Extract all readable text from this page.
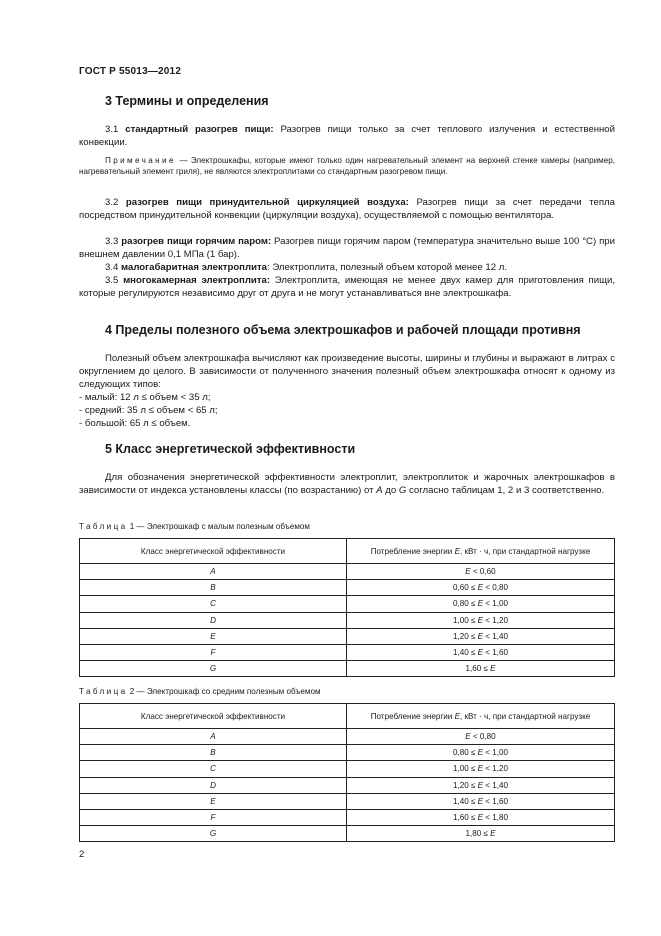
ГОСТ Р 55013—2012
3 Термины и определения

3.1 стандартный разогрев пищи: Разогрев пищи только за счет теплового излучения и естественной конвекции.

Примечание — Электрошкафы, которые имеют только один нагревательный элемент на верхней стенке камеры (например, нагревательный элемент гриля), не являются электроплитами со стандартным разогревом пищи.

3.2 разогрев пищи принудительной циркуляцией воздуха: Разогрев пищи за счет передачи тепла посредством принудительной конвекции (циркуляции воздуха), осуществляемой с помощью вентилятора.

3.3 разогрев пищи горячим паром: Разогрев пищи горячим паром (температура значительно выше 100 °С) при внешнем давлении 0,1 МПа (1 бар).

3.4 малогабаритная электроплита: Электроплита, полезный объем которой менее 12 л.

3.5 многокамерная электроплита: Электроплита, имеющая не менее двух камер для приготовления пищи, которые регулируются независимо друг от друга и не могут устанавливаться вне электрошкафа.

4 Пределы полезного объема электрошкафов и рабочей площади противня

Полезный объем электрошкафа вычисляют как произведение высоты, ширины и глубины и выражают в литрах с округлением до целого. В зависимости от полученного значения полезный объем электрошкафа относят к одному из следующих типов:

- малый: 12 л ≤ объем < 35 л;

- средний: 35 л ≤ объем < 65 л;

- большой: 65 л ≤ объем.

5 Класс энергетической эффективности

Для обозначения энергетической эффективности электроплит, электроплиток и жарочных электрошкафов в зависимости от индекса установлены классы (по возрастанию) от А до G согласно таблицам 1, 2 и 3 соответственно.

Таблица 1 — Электрошкаф с малым полезным объемом

Класс энергетической эффективности	Потребление энергии Е, кВт · ч, при стандартной нагрузке
А	Е < 0,60
В	0,60 ≤ Е < 0,80
С	0,80 ≤ Е < 1,00
D	1,00 ≤ Е < 1,20
Е	1,20 ≤ Е < 1,40
F	1,40 ≤ Е < 1,60
G	1,60 ≤ Е

Таблица 2 — Электрошкаф со средним полезным объемом

Класс энергетической эффективности	Потребление энергии Е, кВт · ч, при стандартной нагрузке
А	Е < 0,80
В	0,80 ≤ Е < 1,00
С	1,00 ≤ Е < 1,20
D	1,20 ≤ Е < 1,40
Е	1,40 ≤ Е < 1,60
F	1,60 ≤ Е < 1,80
G	1,80 ≤ Е
2
